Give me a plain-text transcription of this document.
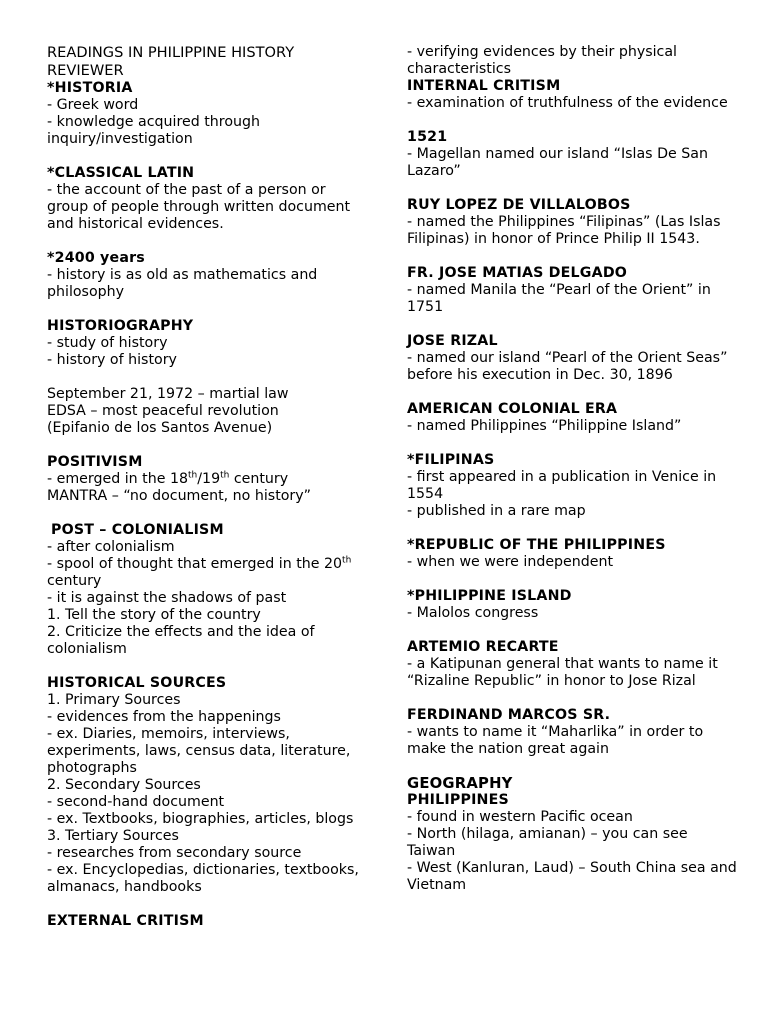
READINGS IN PHILIPPINE HISTORY
REVIEWER
*HISTORIA
- Greek word
- knowledge acquired through inquiry/investigation
*CLASSICAL LATIN
- the account of the past of a person or group of people through written document and historical evidences.
*2400 years
- history is as old as mathematics and philosophy
HISTORIOGRAPHY
- study of history
- history of history
September 21, 1972 – martial law
EDSA – most peaceful revolution
(Epifanio de los Santos Avenue)
POSITIVISM
- emerged in the 18th/19th century
MANTRA – “no document, no history”
POST – COLONIALISM
- after colonialism
- spool of thought that emerged in the 20th century
- it is against the shadows of past
1. Tell the story of the country
2. Criticize the effects and the idea of colonialism
HISTORICAL SOURCES
1. Primary Sources
- evidences from the happenings
- ex. Diaries, memoirs, interviews, experiments, laws, census data, literature, photographs
2. Secondary Sources
- second-hand document
- ex. Textbooks, biographies, articles, blogs
3. Tertiary Sources
- researches from secondary source
- ex. Encyclopedias, dictionaries, textbooks, almanacs, handbooks
EXTERNAL CRITISM
- verifying evidences by their physical characteristics
INTERNAL CRITISM
- examination of truthfulness of the evidence
1521
- Magellan named our island “Islas De San Lazaro”
RUY LOPEZ DE VILLALOBOS
- named the Philippines “Filipinas” (Las Islas Filipinas) in honor of Prince Philip II 1543.
FR. JOSE MATIAS DELGADO
- named Manila the “Pearl of the Orient” in 1751
JOSE RIZAL
- named our island “Pearl of the Orient Seas” before his execution in Dec. 30, 1896
AMERICAN COLONIAL ERA
- named Philippines “Philippine Island”
*FILIPINAS
- first appeared in a publication in Venice in 1554
- published in a rare map
*REPUBLIC OF THE PHILIPPINES
- when we were independent
*PHILIPPINE ISLAND
- Malolos congress
ARTEMIO RECARTE
- a Katipunan general that wants to name it “Rizaline Republic” in honor to Jose Rizal
FERDINAND MARCOS SR.
- wants to name it “Maharlika” in order to make the nation great again
GEOGRAPHY
PHILIPPINES
- found in western Pacific ocean
- North (hilaga, amianan) – you can see Taiwan
- West (Kanluran, Laud) – South China sea and Vietnam
